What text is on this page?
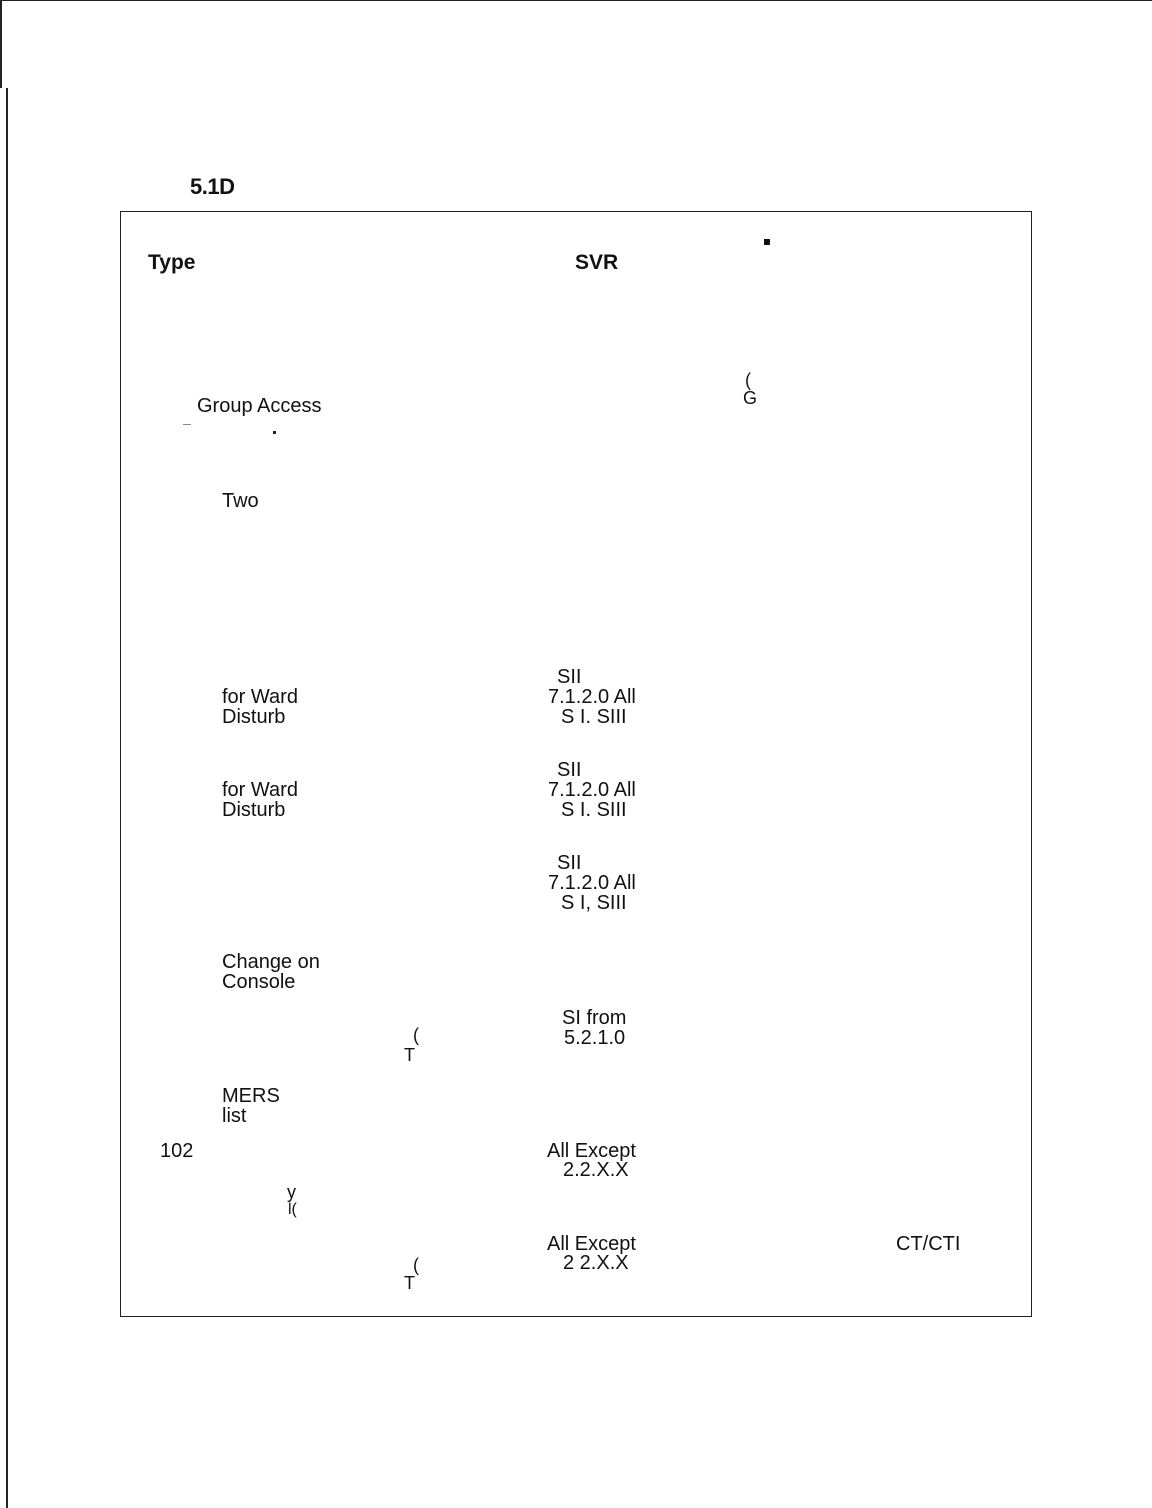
5.1D
Type	SVR
(
G
Group Access
Two
for Ward
Disturb
SII
7.1.2.0 All
S I. SIII
for Ward
Disturb
SII
7.1.2.0 All
S I. SIII
SII
7.1.2.0 All
S I, SIII
Change on
Console
(
T
SI from
5.2.1.0
MERS
list
102	All Except
2.2.X.X
y
l(
All Except
2 2.X.X
CT/CTI
(
T
